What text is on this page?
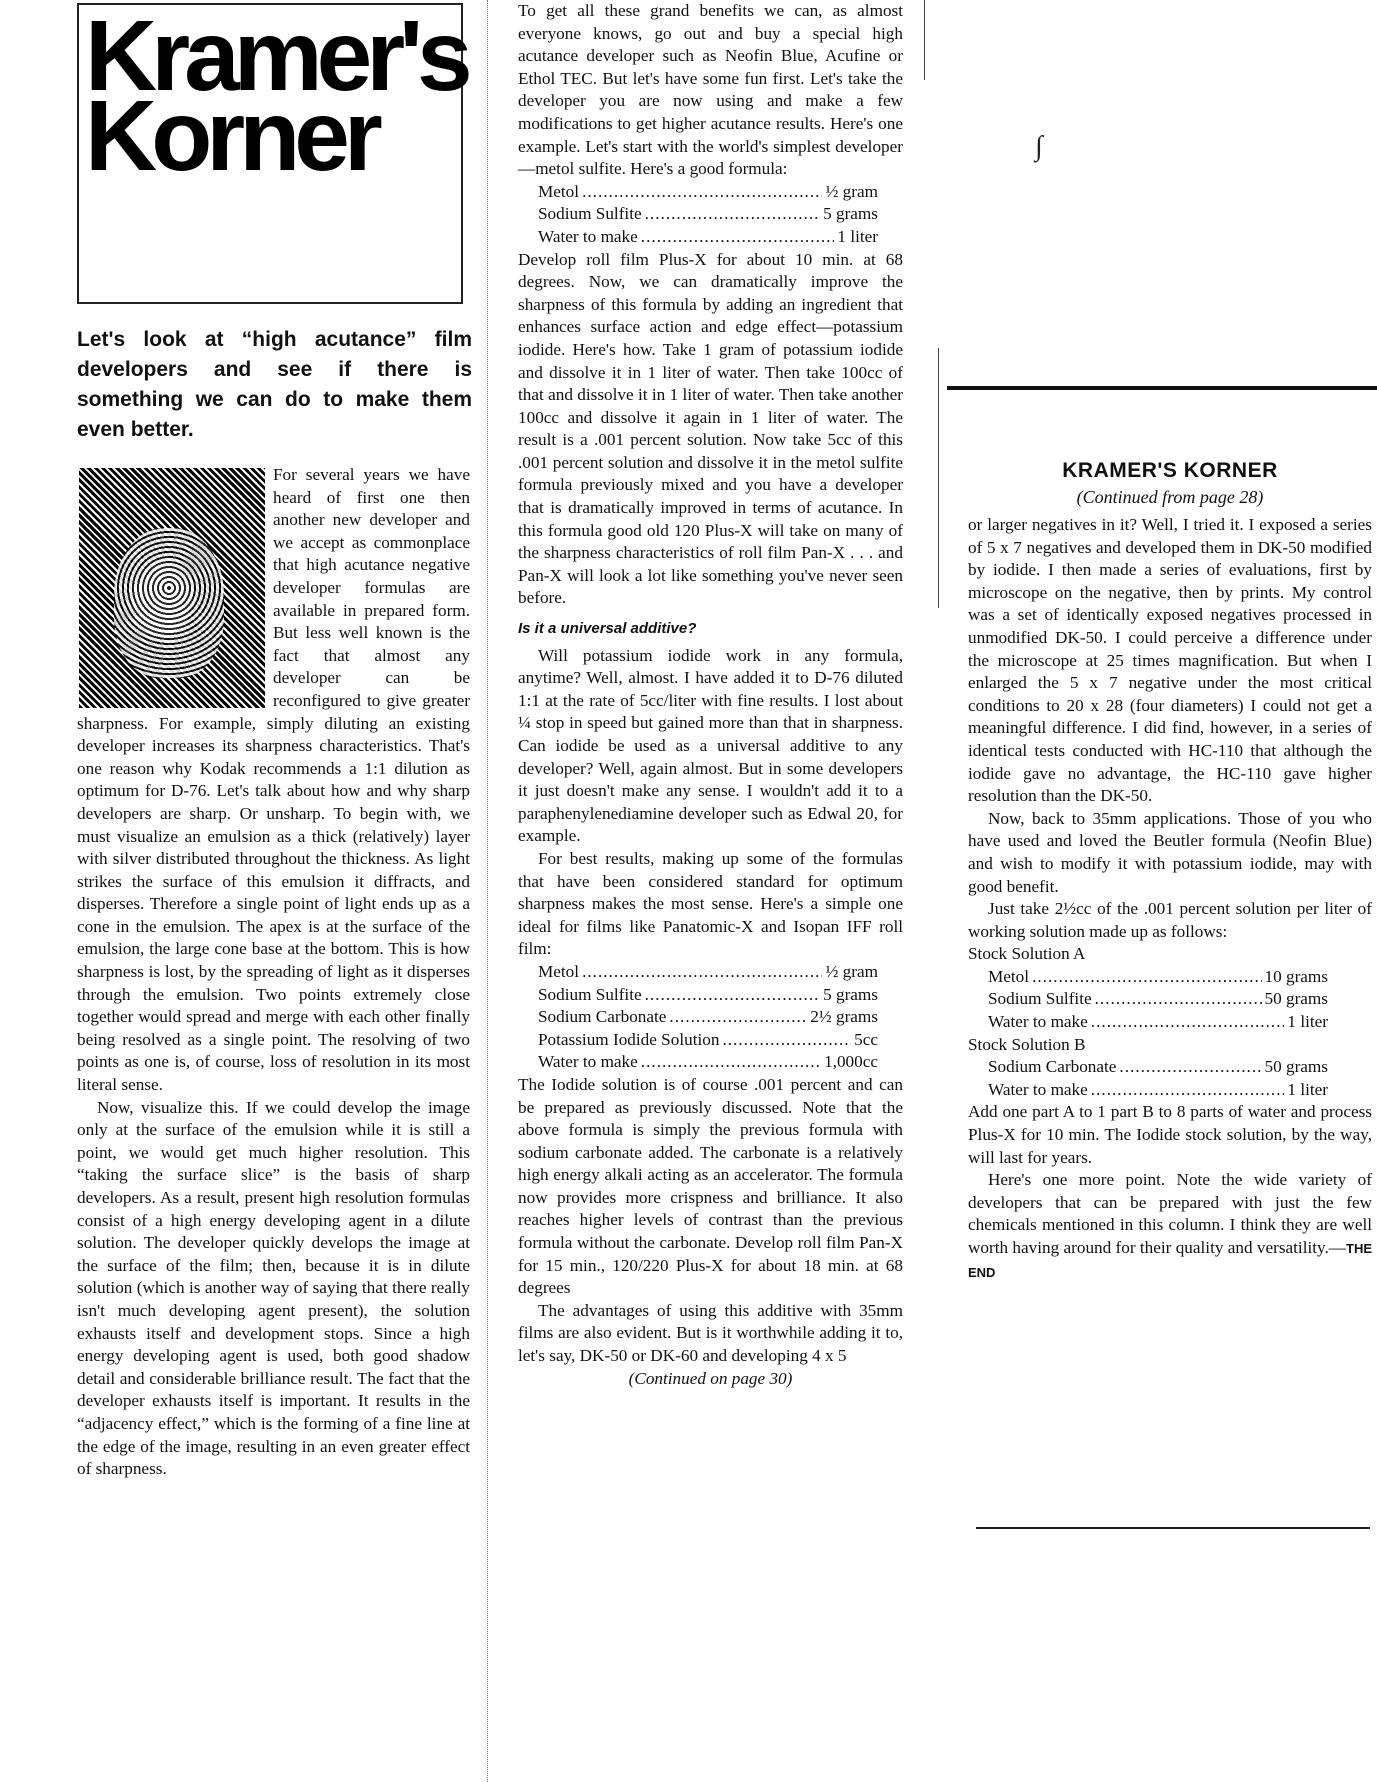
Kramer's
Korner
Let's look at “high acutance” film developers and see if there is something we can do to make them even better.

For several years we have heard of first one then another new developer and we accept as commonplace that high acutance negative developer formulas are available in prepared form. But less well known is the fact that almost any developer can be reconfigured to give greater sharpness. For example, simply diluting an existing developer increases its sharpness characteristics. That's one reason why Kodak recommends a 1:1 dilution as optimum for D-76. Let's talk about how and why sharp developers are sharp. Or unsharp. To begin with, we must visualize an emulsion as a thick (relatively) layer with silver distributed throughout the thickness. As light strikes the surface of this emulsion it diffracts, and disperses. Therefore a single point of light ends up as a cone in the emulsion. The apex is at the surface of the emulsion, the large cone base at the bottom. This is how sharpness is lost, by the spreading of light as it disperses through the emulsion. Two points extremely close together would spread and merge with each other finally being resolved as a single point. The resolving of two points as one is, of course, loss of resolution in its most literal sense.

Now, visualize this. If we could develop the image only at the surface of the emulsion while it is still a point, we would get much higher resolution. This “taking the surface slice” is the basis of sharp developers. As a result, present high resolution formulas consist of a high energy developing agent in a dilute solution. The developer quickly develops the image at the surface of the film; then, because it is in dilute solution (which is another way of saying that there really isn't much developing agent present), the solution exhausts itself and development stops. Since a high energy developing agent is used, both good shadow detail and considerable brilliance result. The fact that the developer exhausts itself is important. It results in the “adjacency effect,” which is the forming of a fine line at the edge of the image, resulting in an even greater effect of sharpness.

To get all these grand benefits we can, as almost everyone knows, go out and buy a special high acutance developer such as Neofin Blue, Acufine or Ethol TEC. But let's have some fun first. Let's take the developer you are now using and make a few modifications to get higher acutance results. Here's one example. Let's start with the world's simplest developer—metol sulfite. Here's a good formula:

Metol .....	½ gram
Sodium Sulfite .....	5 grams
Water to make .....	1 liter

Develop roll film Plus-X for about 10 min. at 68 degrees. Now, we can dramatically improve the sharpness of this formula by adding an ingredient that enhances surface action and edge effect—potassium iodide. Here's how. Take 1 gram of potassium iodide and dissolve it in 1 liter of water. Then take 100cc of that and dissolve it in 1 liter of water. Then take another 100cc and dissolve it again in 1 liter of water. The result is a .001 percent solution. Now take 5cc of this .001 percent solution and dissolve it in the metol sulfite formula previously mixed and you have a developer that is dramatically improved in terms of acutance. In this formula good old 120 Plus-X will take on many of the sharpness characteristics of roll film Pan-X . . . and Pan-X will look a lot like something you've never seen before.

Is it a universal additive?

Will potassium iodide work in any formula, anytime? Well, almost. I have added it to D-76 diluted 1:1 at the rate of 5cc/liter with fine results. I lost about ¼ stop in speed but gained more than that in sharpness. Can iodide be used as a universal additive to any developer? Well, again almost. But in some developers it just doesn't make any sense. I wouldn't add it to a paraphenylenediamine developer such as Edwal 20, for example.

For best results, making up some of the formulas that have been considered standard for optimum sharpness makes the most sense. Here's a simple one ideal for films like Panatomic-X and Isopan IFF roll film:

Metol .....	½ gram
Sodium Sulfite .....	5 grams
Sodium Carbonate .....	2½ grams
Potassium Iodide Solution .....	5cc
Water to make .....	1,000cc

The Iodide solution is of course .001 percent and can be prepared as previously discussed. Note that the above formula is simply the previous formula with sodium carbonate added. The carbonate is a relatively high energy alkali acting as an accelerator. The formula now provides more crispness and brilliance. It also reaches higher levels of contrast than the previous formula without the carbonate. Develop roll film Pan-X for 15 min., 120/220 Plus-X for about 18 min. at 68 degrees

The advantages of using this additive with 35mm films are also evident. But is it worthwhile adding it to, let's say, DK-50 or DK-60 and developing 4 x 5

(Continued on page 30)

∫

KRAMER'S KORNER

(Continued from page 28)

or larger negatives in it? Well, I tried it. I exposed a series of 5 x 7 negatives and developed them in DK-50 modified by iodide. I then made a series of evaluations, first by microscope on the negative, then by prints. My control was a set of identically exposed negatives processed in unmodified DK-50. I could perceive a difference under the microscope at 25 times magnification. But when I enlarged the 5 x 7 negative under the most critical conditions to 20 x 28 (four diameters) I could not get a meaningful difference. I did find, however, in a series of identical tests conducted with HC-110 that although the iodide gave no advantage, the HC-110 gave higher resolution than the DK-50.

Now, back to 35mm applications. Those of you who have used and loved the Beutler formula (Neofin Blue) and wish to modify it with potassium iodide, may with good benefit.

Just take 2½cc of the .001 percent solution per liter of working solution made up as follows:

Stock Solution A

Metol .....	10 grams
Sodium Sulfite .....	50 grams
Water to make .....	1 liter

Stock Solution B

Sodium Carbonate .....	50 grams
Water to make .....	1 liter

Add one part A to 1 part B to 8 parts of water and process Plus-X for 10 min. The Iodide stock solution, by the way, will last for years.

Here's one more point. Note the wide variety of developers that can be prepared with just the few chemicals mentioned in this column. I think they are well worth having around for their quality and versatility.—THE END
